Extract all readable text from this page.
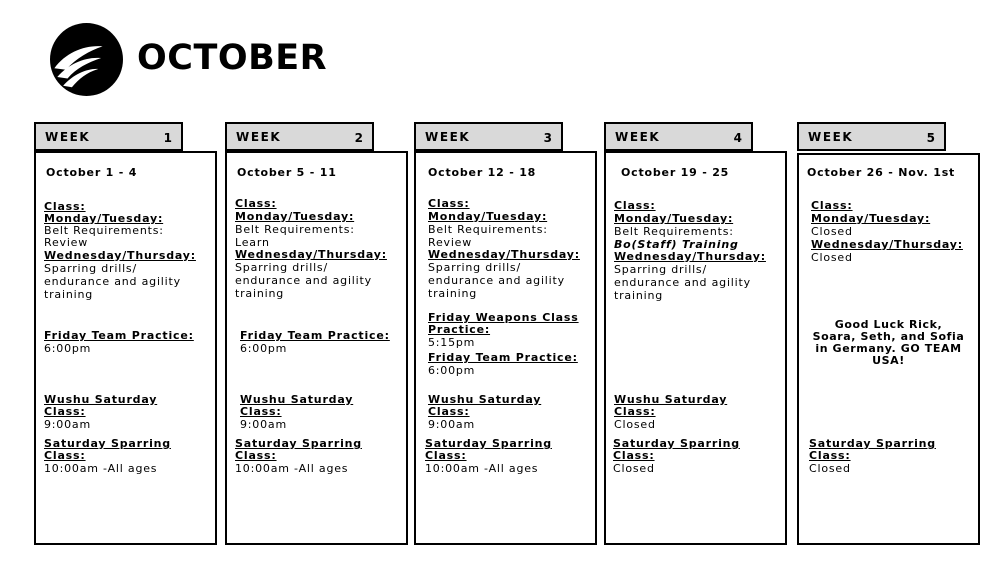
OCTOBER
WEEK	1
October 1 - 4
Class:
Monday/Tuesday:
Belt Requirements:
Review
Wednesday/Thursday:
Sparring drills/
endurance and agility
training
Friday Team Practice:
6:00pm
Wushu Saturday
Class:
9:00am
Saturday Sparring
Class:
10:00am -All ages
WEEK	2
October 5 - 11
Class:
Monday/Tuesday:
Belt Requirements:
Learn
Wednesday/Thursday:
Sparring drills/
endurance and agility
training
Friday Team Practice:
6:00pm
Wushu Saturday
Class:
9:00am
Saturday Sparring
Class:
10:00am -All ages
WEEK	3
October 12 - 18
Class:
Monday/Tuesday:
Belt Requirements:
Review
Wednesday/Thursday:
Sparring drills/
endurance and agility
training
Friday Weapons Class
Practice:
5:15pm
Friday Team Practice:
6:00pm
Wushu Saturday
Class:
9:00am
Saturday Sparring
Class:
10:00am -All ages
WEEK	4
October 19 - 25
Class:
Monday/Tuesday:
Belt Requirements:
Bo(Staff) Training
Wednesday/Thursday:
Sparring drills/
endurance and agility
training
Wushu Saturday
Class:
Closed
Saturday Sparring
Class:
Closed
WEEK	5
October 26 - Nov. 1st
Class:
Monday/Tuesday:
Closed
Wednesday/Thursday:
Closed
Good Luck Rick,
Soara, Seth, and Sofia
in Germany. GO TEAM
USA!
Saturday Sparring
Class:
Closed
